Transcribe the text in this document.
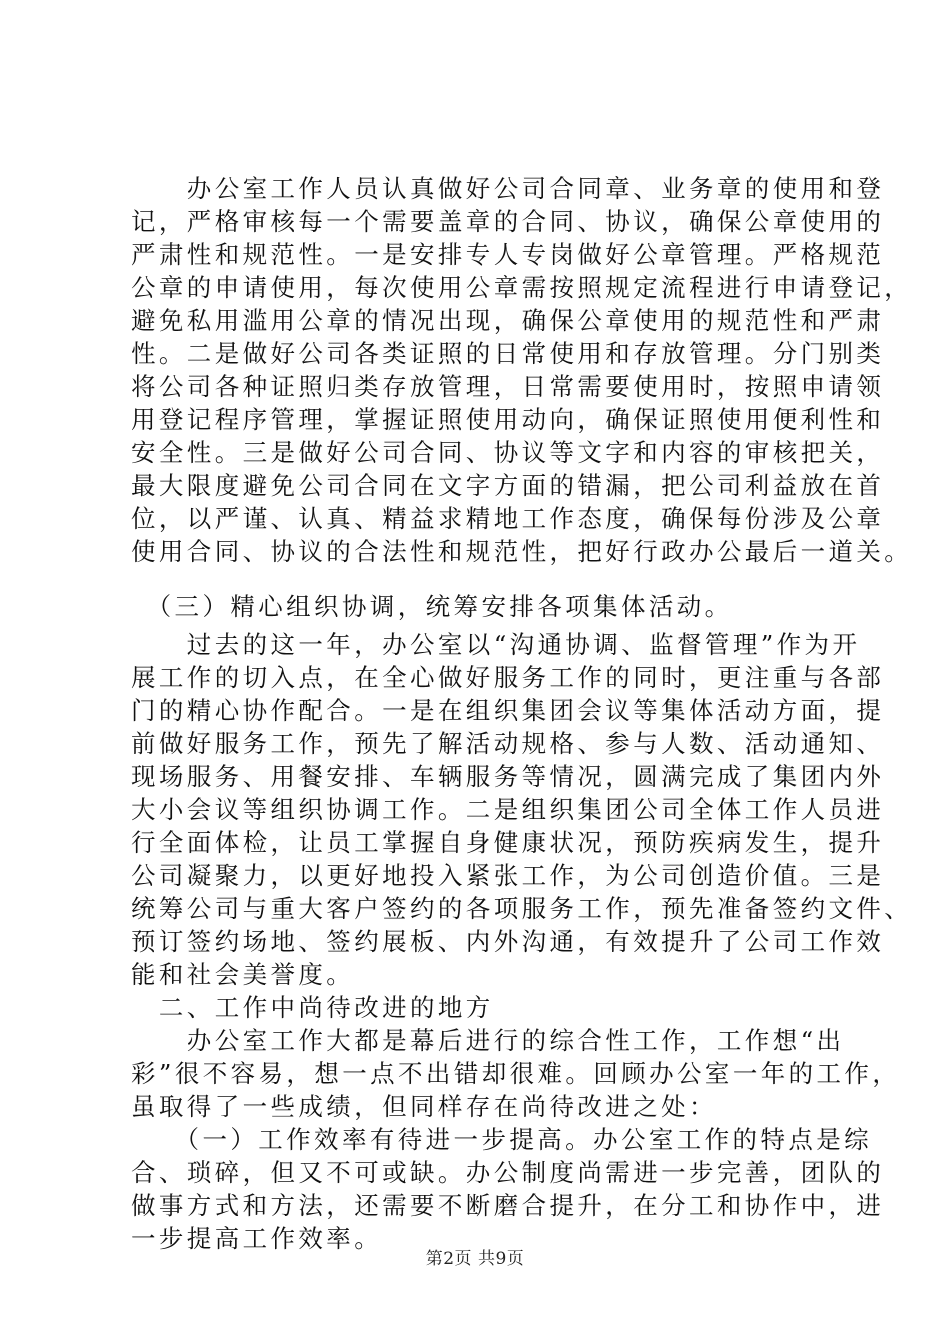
　　办公室工作人员认真做好公司合同章、业务章的使用和登
记，严格审核每一个需要盖章的合同、协议，确保公章使用的
严肃性和规范性。一是安排专人专岗做好公章管理。严格规范
公章的申请使用，每次使用公章需按照规定流程进行申请登记，
避免私用滥用公章的情况出现，确保公章使用的规范性和严肃
性。二是做好公司各类证照的日常使用和存放管理。分门别类
将公司各种证照归类存放管理，日常需要使用时，按照申请领
用登记程序管理，掌握证照使用动向，确保证照使用便利性和
安全性。三是做好公司合同、协议等文字和内容的审核把关，
最大限度避免公司合同在文字方面的错漏，把公司利益放在首
位，以严谨、认真、精益求精地工作态度，确保每份涉及公章
使用合同、协议的合法性和规范性，把好行政办公最后一道关。
　（三）精心组织协调，统筹安排各项集体活动。
　　过去的这一年，办公室以“沟通协调、监督管理”作为开
展工作的切入点，在全心做好服务工作的同时，更注重与各部
门的精心协作配合。一是在组织集团会议等集体活动方面，提
前做好服务工作，预先了解活动规格、参与人数、活动通知、
现场服务、用餐安排、车辆服务等情况，圆满完成了集团内外
大小会议等组织协调工作。二是组织集团公司全体工作人员进
行全面体检，让员工掌握自身健康状况，预防疾病发生，提升
公司凝聚力，以更好地投入紧张工作，为公司创造价值。三是
统筹公司与重大客户签约的各项服务工作，预先准备签约文件、
预订签约场地、签约展板、内外沟通，有效提升了公司工作效
能和社会美誉度。
　二、工作中尚待改进的地方
　　办公室工作大都是幕后进行的综合性工作，工作想“出
彩”很不容易，想一点不出错却很难。回顾办公室一年的工作，
虽取得了一些成绩，但同样存在尚待改进之处：
　　（一）工作效率有待进一步提高。办公室工作的特点是综
合、琐碎，但又不可或缺。办公制度尚需进一步完善，团队的
做事方式和方法，还需要不断磨合提升，在分工和协作中，进
一步提高工作效率。
第2页 共9页
